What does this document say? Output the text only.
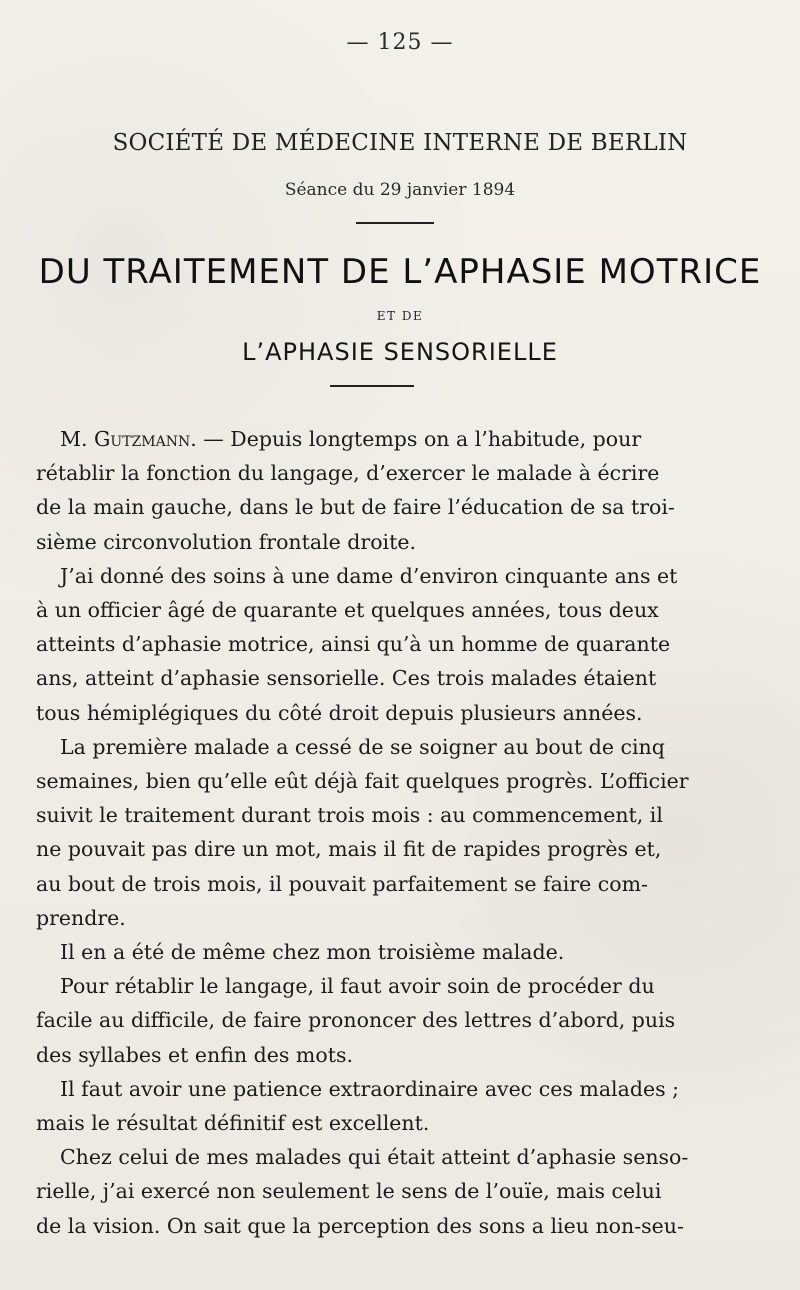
— 125 —
SOCIÉTÉ DE MÉDECINE INTERNE DE BERLIN
Séance du 29 janvier 1894
DU TRAITEMENT DE L’APHASIE MOTRICE
ET DE
L’APHASIE SENSORIELLE

M. Gutzmann. — Depuis longtemps on a l’habitude, pour
rétablir la fonction du langage, d’exercer le malade à écrire
de la main gauche, dans le but de faire l’éducation de sa troi-
sième circonvolution frontale droite.

J’ai donné des soins à une dame d’environ cinquante ans et
à un officier âgé de quarante et quelques années, tous deux
atteints d’aphasie motrice, ainsi qu’à un homme de quarante
ans, atteint d’aphasie sensorielle. Ces trois malades étaient
tous hémiplégiques du côté droit depuis plusieurs années.

La première malade a cessé de se soigner au bout de cinq
semaines, bien qu’elle eût déjà fait quelques progrès. L’officier
suivit le traitement durant trois mois : au commencement, il
ne pouvait pas dire un mot, mais il fit de rapides progrès et,
au bout de trois mois, il pouvait parfaitement se faire com-
prendre.

Il en a été de même chez mon troisième malade.

Pour rétablir le langage, il faut avoir soin de procéder du
facile au difficile, de faire prononcer des lettres d’abord, puis
des syllabes et enfin des mots.

Il faut avoir une patience extraordinaire avec ces malades ;
mais le résultat définitif est excellent.

Chez celui de mes malades qui était atteint d’aphasie senso-
rielle, j’ai exercé non seulement le sens de l’ouïe, mais celui
de la vision. On sait que la perception des sons a lieu non-seu-
